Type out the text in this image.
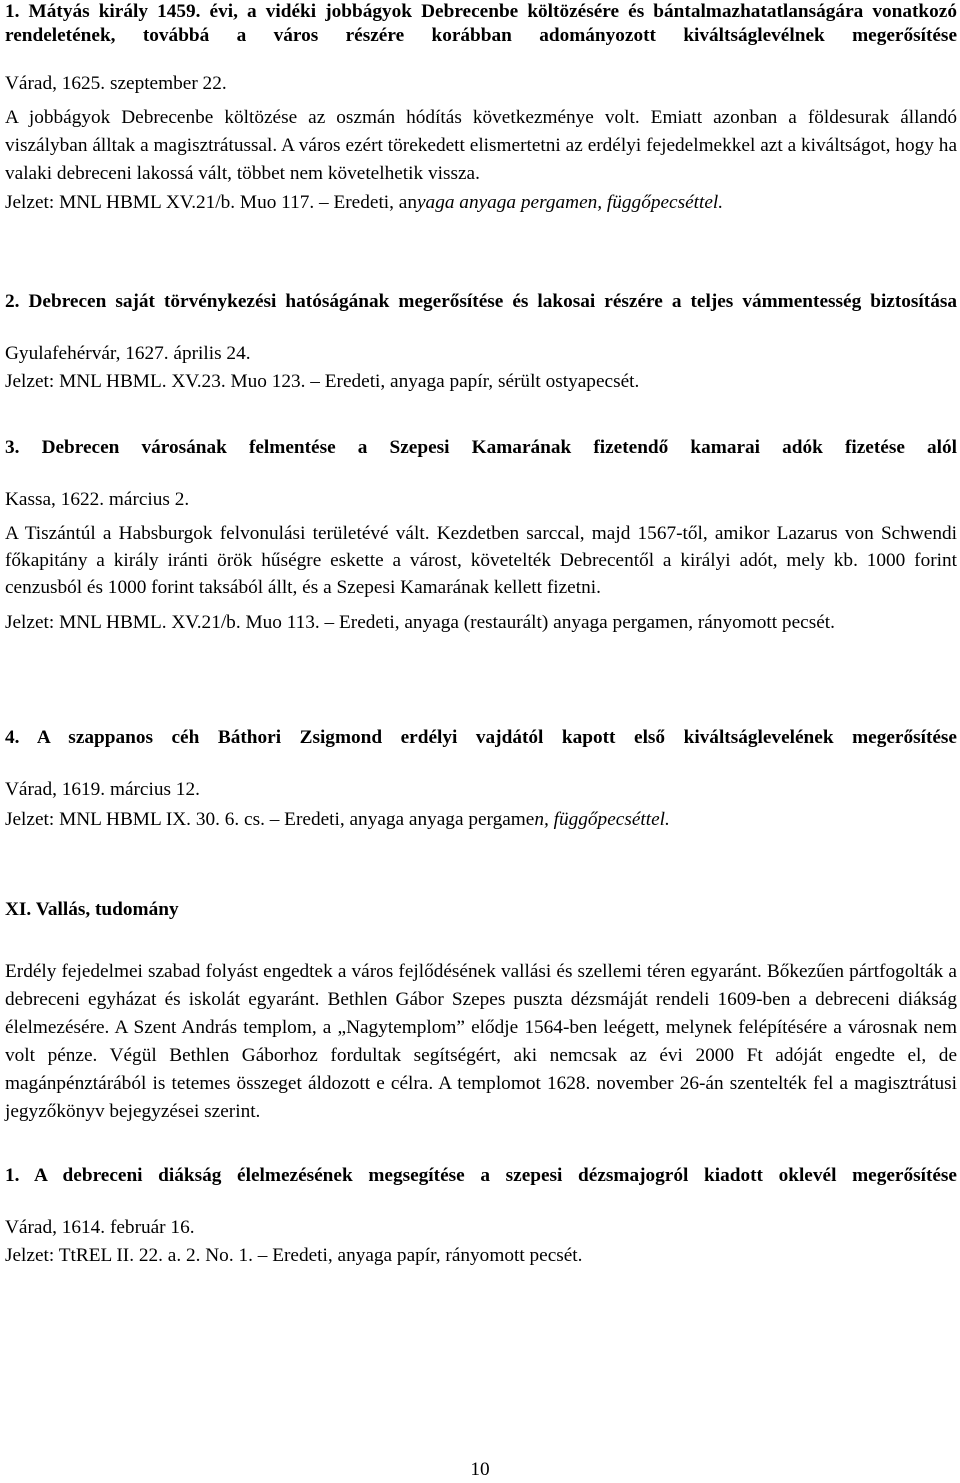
1. Mátyás király 1459. évi, a vidéki jobbágyok Debrecenbe költözésére és bántalmazhatatlanságára vonatkozó rendeletének, továbbá a város részére korábban adományozott kiváltságlevélnek megerősítése
Várad, 1625. szeptember 22.
A jobbágyok Debrecenbe költözése az oszmán hódítás következménye volt. Emiatt azonban a földesurak állandó viszályban álltak a magisztrátussal. A város ezért törekedett elismertetni az erdélyi fejedelmekkel azt a kiváltságot, hogy ha valaki debreceni lakossá vált, többet nem követelhetik vissza.
Jelzet: MNL HBML XV.21/b. Muo 117. – Eredeti, anyaga anyaga pergamen, függőpecséttel.
2. Debrecen saját törvénykezési hatóságának megerősítése és lakosai részére a teljes vámmentesség biztosítása
Gyulafehérvár, 1627. április 24.
Jelzet: MNL HBML. XV.23. Muo 123. – Eredeti, anyaga papír, sérült ostyapecsét.
3. Debrecen városának felmentése a Szepesi Kamarának fizetendő kamarai adók fizetése alól
Kassa, 1622. március 2.
A Tiszántúl a Habsburgok felvonulási területévé vált. Kezdetben sarccal, majd 1567-től, amikor Lazarus von Schwendi főkapitány a király iránti örök hűségre eskette a várost, követelték Debrecentől a királyi adót, mely kb. 1000 forint cenzusból és 1000 forint taksából állt, és a Szepesi Kamarának kellett fizetni.
Jelzet: MNL HBML. XV.21/b. Muo 113. – Eredeti, anyaga (restaurált) anyaga pergamen, rányomott pecsét.
4. A szappanos céh Báthori Zsigmond erdélyi vajdától kapott első kiváltságlevelének megerősítése
Várad, 1619. március 12.
Jelzet: MNL HBML IX. 30. 6. cs. – Eredeti, anyaga anyaga pergamen, függőpecséttel.
XI. Vallás, tudomány
Erdély fejedelmei szabad folyást engedtek a város fejlődésének vallási és szellemi téren egyaránt. Bőkezűen pártfogolták a debreceni egyházat és iskolát egyaránt. Bethlen Gábor Szepes puszta dézsmáját rendeli 1609-ben a debreceni diákság élelmezésére. A Szent András templom, a „Nagytemplom” elődje 1564-ben leégett, melynek felépítésére a városnak nem volt pénze. Végül Bethlen Gáborhoz fordultak segítségért, aki nemcsak az évi 2000 Ft adóját engedte el, de magánpénztárából is tetemes összeget áldozott e célra. A templomot 1628. november 26-án szentelték fel a magisztrátusi jegyzőkönyv bejegyzései szerint.
1. A debreceni diákság élelmezésének megsegítése a szepesi dézsmajogról kiadott oklevél megerősítése
Várad, 1614. február 16.
Jelzet: TtREL II. 22. a. 2. No. 1. – Eredeti, anyaga papír, rányomott pecsét.
10
